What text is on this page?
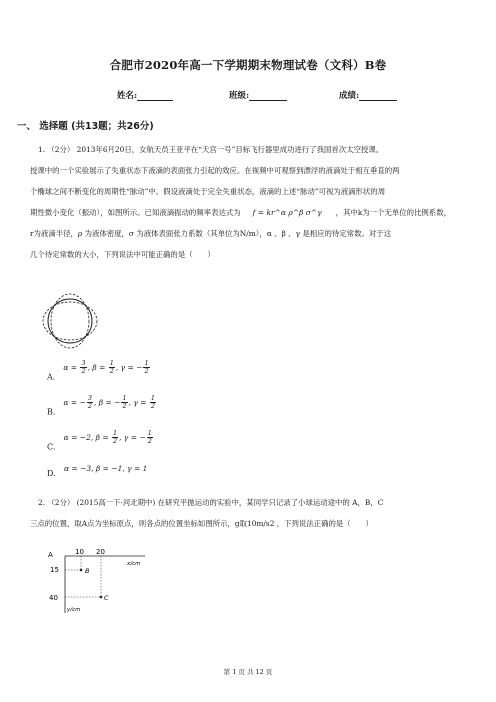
合肥市2020年高一下学期期末物理试卷（文科）B卷
姓名:	班级:	成绩:
一、 选择题 (共13题；共26分)
1. （2分） 2013年6月20日，女航天员王亚平在“天宫一号”目标飞行器里成功进行了我国首次太空授课。
授课中的一个实验展示了失重状态下液滴的表面张力引起的效应。在视频中可观察到漂浮的液滴处于相互垂直的两
个椭球之间不断变化的周期性“脉动”中。假设液滴处于完全失重状态，液滴的上述“脉动”可视为液滴形状的周
期性微小变化（振动），如图所示。已知液滴振动的频率表达式为 f = kr^α ρ^β σ^γ ，其中k为一个无单位的比例系数，
r为液滴半径，ρ 为液体密度，σ 为液体表面张力系数（其单位为N/m），α 、β 、γ 是相应的待定常数。对于这
几个待定常数的大小，下列说法中可能正确的是（　　）
A． $\alpha = \frac{3}{2}$ , $\beta = \frac{1}{2}$ , γ = − $\frac{1}{2}$
B． α = − $\frac{3}{2}$ , β = − $\frac{1}{2}$ , $\gamma = \frac{1}{2}$
C． α = −2, $\beta = \frac{1}{2}$ , γ = − $\frac{1}{2}$
D． α = −3, β = −1, γ = 1
2. （2分） (2015高一下·河北期中) 在研究平抛运动的实验中，某同学只记录了小球运动途中的 A，B，C
三点的位置，取A点为坐标原点，则各点的位置坐标如图所示，g取10m/s2 ，下列说法正确的是（　　）
A
B
C
10 20
15
40
x/cm
y/cm
第 1 页 共 12 页
